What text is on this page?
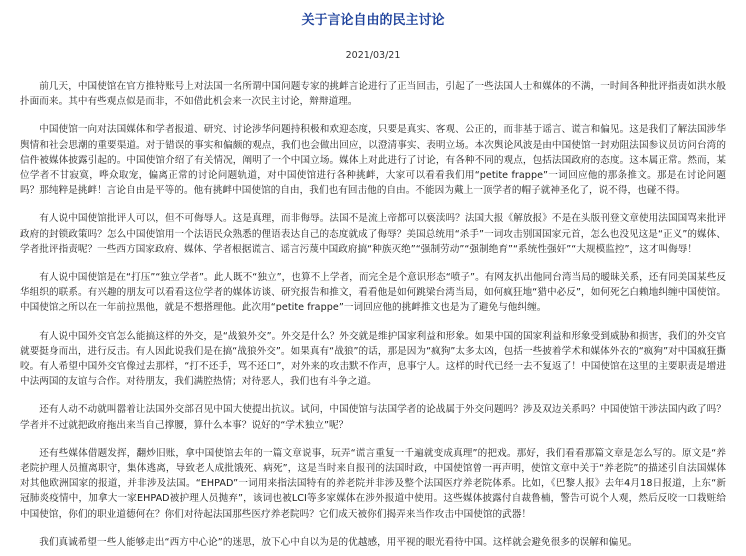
关于言论自由的民主讨论
2021/03/21

前几天，中国使馆在官方推特账号上对法国一名所谓中国问题专家的挑衅言论进行了正当回击，引起了一些法国人士和媒体的不满，一时间各种批评指责如洪水般扑面而来。其中有些观点似是而非，不如借此机会来一次民主讨论，辩辩道理。

中国使馆一向对法国媒体和学者报道、研究、讨论涉华问题持积极和欢迎态度，只要是真实、客观、公正的，而非基于谣言、谎言和偏见。这是我们了解法国涉华舆情和社会思潮的重要渠道。对于错误的事实和偏颇的观点，我们也会做出回应，以澄清事实、表明立场。本次舆论风波是由中国使馆一封劝阻法国参议员访问台湾的信件被媒体披露引起的。中国使馆介绍了有关情况，阐明了一个中国立场。媒体上对此进行了讨论，有各种不同的观点，包括法国政府的态度。这本属正常。然而，某位学者不甘寂寞，哗众取宠，偏离正常的讨论问题轨道，对中国使馆进行各种挑衅，大家可以看看我们用“petite frappe”一词回应他的那条推文。那是在讨论问题吗？那纯粹是挑衅！言论自由是平等的。他有挑衅中国使馆的自由，我们也有回击他的自由。不能因为戴上一顶学者的帽子就神圣化了，说不得，也碰不得。

有人说中国使馆批评人可以，但不可侮辱人。这是真理，而非侮辱。法国不是流上帝都可以亵渎吗？法国大报《解放报》不是在头版刊登文章使用法国国骂来批评政府的封锁政策吗？怎么中国使馆用一个法语民众熟悉的俚语表达自己的态度就成了侮辱？美国总统用“杀手”一词攻击别国国家元首，怎么也没见这是“正义”的媒体、学者批评指责呢？一些西方国家政府、媒体、学者根据谎言、谣言污蔑中国政府搞“种族灭绝”“强制劳动”“强制绝育”“系统性强奸”“大规模监控”，这才叫侮辱！

有人说中国使馆是在“打压”“独立学者”。此人既不“独立”，也算不上学者，而完全是个意识形态“喷子”。有网友扒出他同台湾当局的暧昧关系，还有同美国某些反华组织的联系。有兴趣的朋友可以看看这位学者的媒体访谈、研究报告和推文，看看他是如何跳梁台湾当局，如何疯狂地“猎中必反”，如何死乞白赖地纠缠中国使馆。中国使馆之所以在一年前拉黑他，就是不想搭理他。此次用“petite frappe”一词回应他的挑衅推文也是为了避免与他纠缠。

有人说中国外交官怎么能搞这样的外交，是“战狼外交”。外交是什么？外交就是维护国家利益和形象。如果中国的国家利益和形象受到威胁和损害，我们的外交官就要挺身而出，进行反击。有人因此说我们是在搞“战狼外交”。如果真有“战狼”的话，那是因为“疯狗”太多太凶，包括一些披着学术和媒体外衣的“疯狗”对中国疯狂撕咬。有人希望中国外交官像过去那样，“打不还手，骂不还口”，对外来的攻击默不作声，息事宁人。这样的时代已经一去不复返了！中国使馆在这里的主要职责是增进中法两国的友谊与合作。对待朋友，我们满腔热情；对待恶人，我们也有斗争之道。

还有人动不动就叫嚣着让法国外交部召见中国大使提出抗议。试问，中国使馆与法国学者的论战属于外交问题吗？涉及双边关系吗？中国使馆干涉法国内政了吗？学者并不过就把政府拖出来当自己撑腰，算什么本事？说好的“学术独立”呢？

还有些媒体借题发挥，翻炒旧账，拿中国使馆去年的一篇文章说事，玩弄“谎言重复一千遍就变成真理”的把戏。那好，我们看看那篇文章是怎么写的。原文是“养老院护理人员擅离职守，集体逃离，导致老人成批饿死、病死”，这是当时来自报刊的法国时政，中国使馆曾一再声明，使馆文章中关于“养老院”的描述引自法国媒体对其他欧洲国家的报道，并非涉及法国。“EHPAD”一词用来指法国特有的养老院并非涉及整个法国医疗养老院体系。比如，《巴黎人报》去年4月18日报道，上东“新冠肺炎疫情中，加拿大一家EHPAD被护理人员抛弃”，该词也被LCI等多家媒体在涉外报道中使用。这些媒体披露付自裁鲁楠，警告可说个人观，然后反咬一口栽赃给中国使馆，你们的职业道德何在？你们对待起法国那些医疗养老院吗？它们成天被你们揭弄来当作攻击中国使馆的武器！

我们真诚希望一些人能够走出“西方中心论”的迷思，放下心中自以为是的优越感，用平视的眼光看待中国。这样就会避免很多的误解和偏见。
